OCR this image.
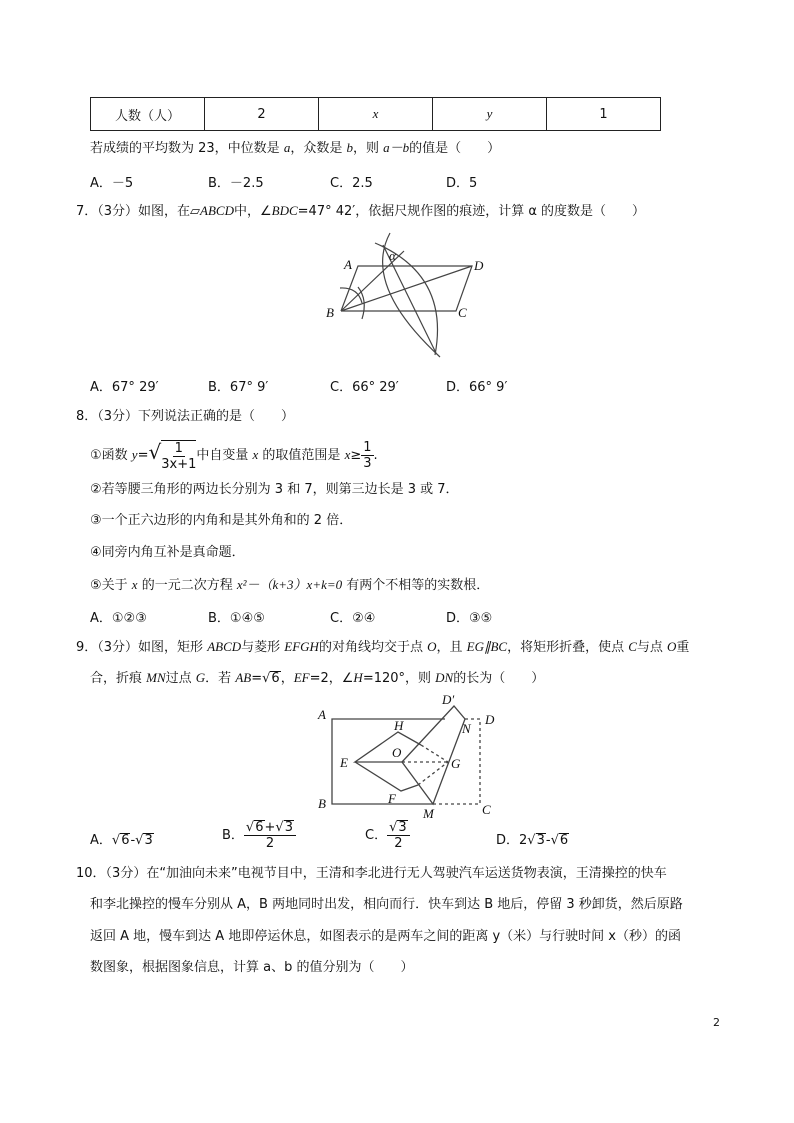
人数（人）	2	x	y	1
若成绩的平均数为 23，中位数是 a，众数是 b，则 a－b的值是（　　）
A．－5	B．－2.5	C．2.5	D．5
7．（3分）如图，在▱ABCD中，∠BDC=47° 42′，依据尺规作图的痕迹，计算 α 的度数是（　　）
A
B	C
D
α
A．67° 29′	B．67° 9′	C．66° 29′	D．66° 9′
8．（3分）下列说法正确的是（　　）
①函数 $y=√ \frac{1}{3x+1}$ 中自变量 x 的取值范围是 $x\ge \frac{1}{3}$ .
②若等腰三角形的两边长分别为 3 和 7，则第三边长是 3 或 7．
③一个正六边形的内角和是其外角和的 2 倍．
④同旁内角互补是真命题．
⑤关于 x 的一元二次方程 x²－（k+3）x+k=0 有两个不相等的实数根．
A．①②③	B．①④⑤	C．②④	D．③⑤
9．（3分）如图，矩形 ABCD与菱形 EFGH的对角线均交于点 O，且 EG∥BC，将矩形折叠，使点 C与点 O重
合，折痕 MN过点 G．若 AB=√6，EF=2，∠H=120°，则 DN的长为（　　）
A
B	C
D
D′
N
M
E
F
G
H
O
A．√6-√3	B． $\frac{√6+√3}{2}$	C． $\frac{√3}{2}$	D．2√3-√6
10．（3分）在“加油向未来”电视节目中，王清和李北进行无人驾驶汽车运送货物表演，王清操控的快车
和李北操控的慢车分别从 A，B 两地同时出发，相向而行．快车到达 B 地后，停留 3 秒卸货，然后原路
返回 A 地，慢车到达 A 地即停运休息，如图表示的是两车之间的距离 y（米）与行驶时间 x（秒）的函
数图象，根据图象信息，计算 a、b 的值分别为（　　）
2
